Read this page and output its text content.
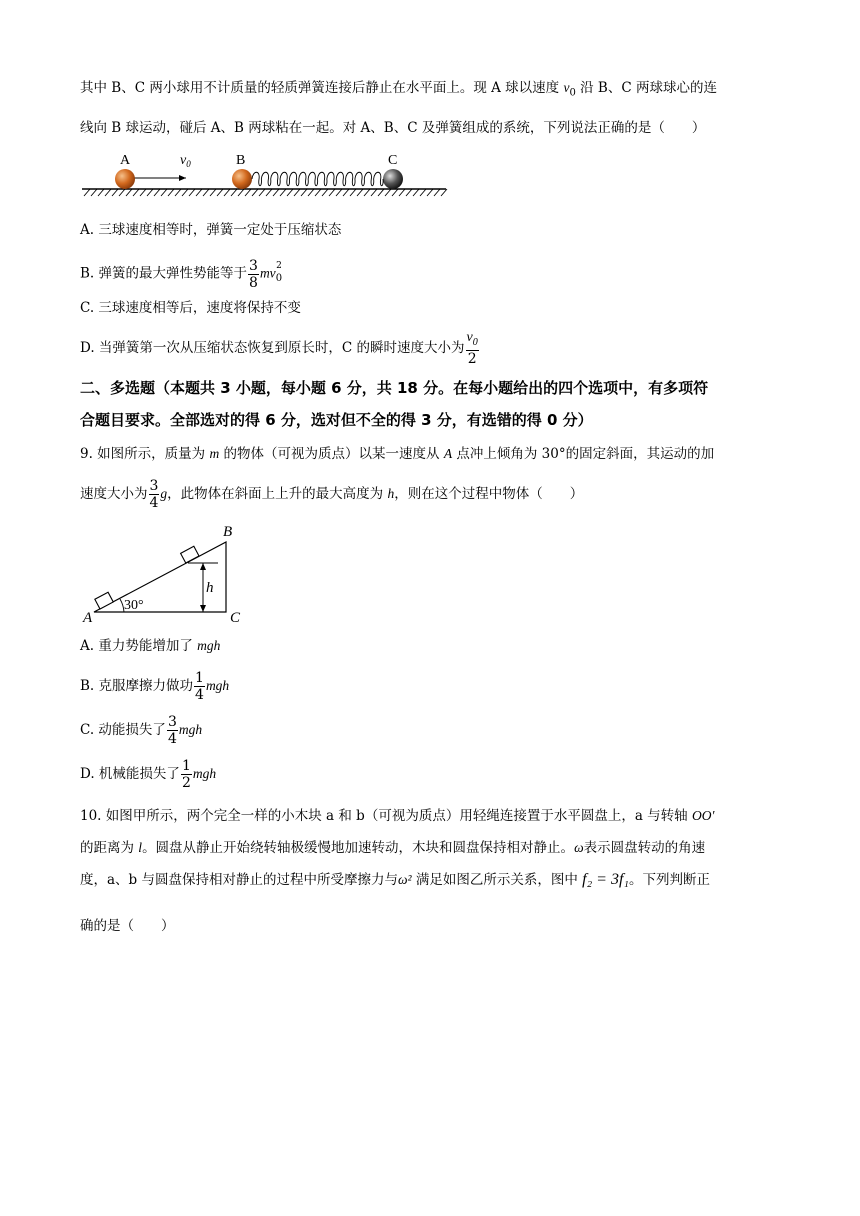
其中 B、C 两小球用不计质量的轻质弹簧连接后静止在水平面上。现 A 球以速度 $v_0$ 沿 B、C 两球球心的连
线向 B 球运动，碰后 A、B 两球粘在一起。对 A、B、C 及弹簧组成的系统，下列说法正确的是（　　）
A	$v_0$	B	C
A. 三球速度相等时，弹簧一定处于压缩状态
B. 弹簧的最大弹性势能等于 $\frac{3}{8} mv_0^2$
C. 三球速度相等后，速度将保持不变
D. 当弹簧第一次从压缩状态恢复到原长时，C 的瞬时速度大小为 $\frac{v_0}{2}$
二、多选题（本题共 3 小题，每小题 6 分，共 18 分。在每小题给出的四个选项中，有多项符
合题目要求。全部选对的得 6 分，选对但不全的得 3 分，有选错的得 0 分）
9. 如图所示，质量为 m 的物体（可视为质点）以某一速度从 A 点冲上倾角为 30°的固定斜面，其运动的加
速度大小为 $\frac{3}{4}$ g，此物体在斜面上上升的最大高度为 h，则在这个过程中物体（　　）
30°
h
A
B
C
A. 重力势能增加了 mgh
B. 克服摩擦力做功 $\frac{1}{4}$ mgh
C. 动能损失了 $\frac{3}{4}$ mgh
D. 机械能损失了 $\frac{1}{2}$ mgh
10. 如图甲所示，两个完全一样的小木块 a 和 b（可视为质点）用轻绳连接置于水平圆盘上，a 与转轴 OO′
的距离为 l。圆盘从静止开始绕转轴极缓慢地加速转动，木块和圆盘保持相对静止。ω表示圆盘转动的角速
度，a、b 与圆盘保持相对静止的过程中所受摩擦力与ω² 满足如图乙所示关系，图中 f₂ = 3f₁。下列判断正
确的是（　　）
